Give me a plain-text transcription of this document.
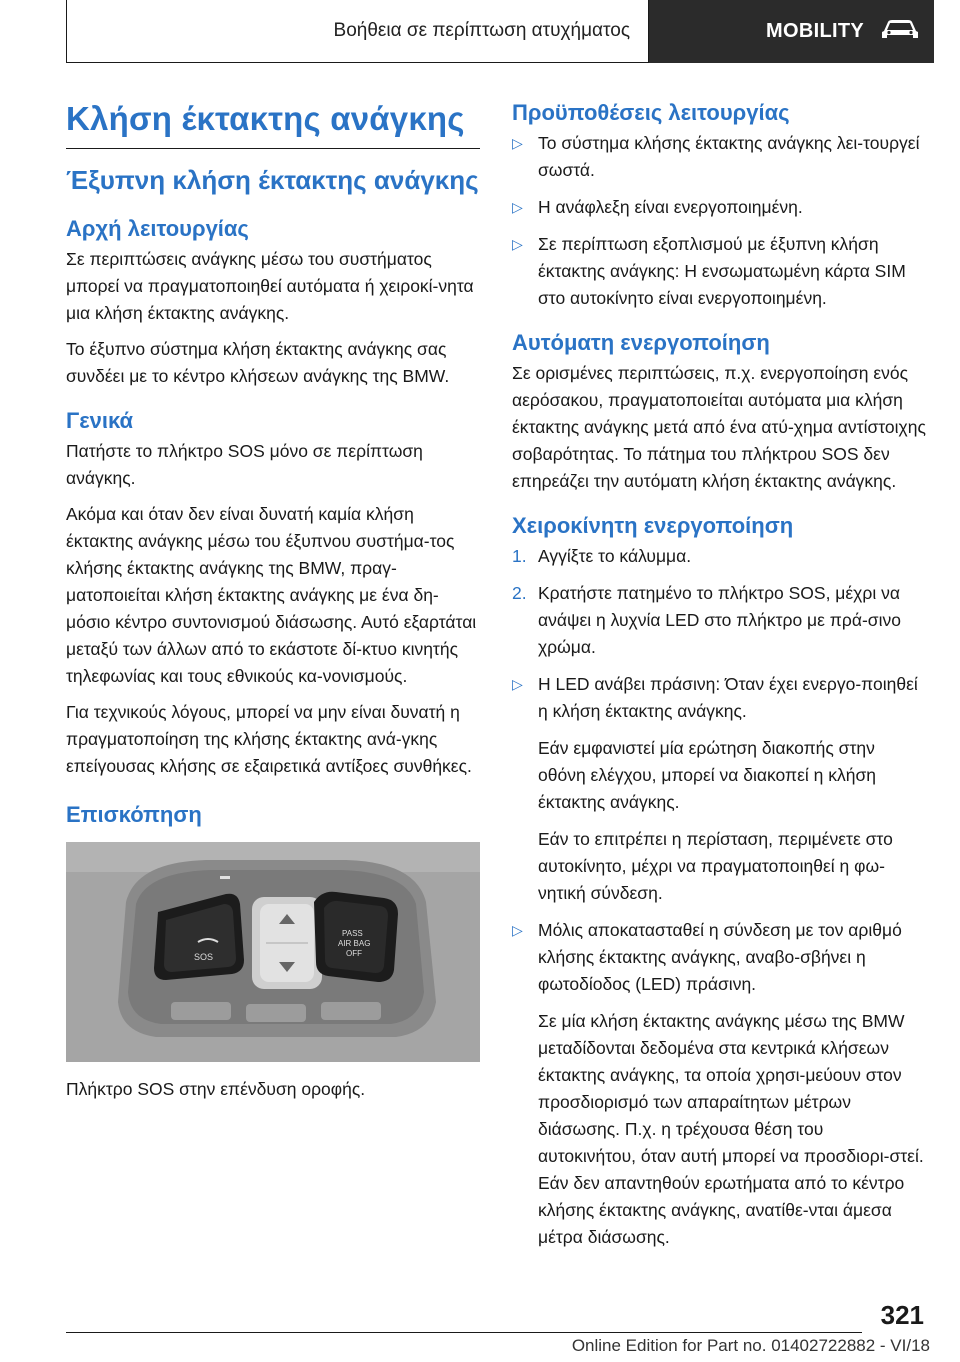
Βοήθεια σε περίπτωση ατυχήματος	MOBILITY
Κλήση έκτακτης ανάγκης
Έξυπνη κλήση έκτακτης ανάγκης
Αρχή λειτουργίας

Σε περιπτώσεις ανάγκης μέσω του συστήματος μπορεί να πραγματοποιηθεί αυτόματα ή χειροκί-νητα μια κλήση έκτακτης ανάγκης.

Το έξυπνο σύστημα κλήση έκτακτης ανάγκης σας συνδέει με το κέντρο κλήσεων ανάγκης της BMW.

Γενικά

Πατήστε το πλήκτρο SOS μόνο σε περίπτωση ανάγκης.

Ακόμα και όταν δεν είναι δυνατή καμία κλήση έκτακτης ανάγκης μέσω του έξυπνου συστήμα-τος κλήσης έκτακτης ανάγκης της BMW, πραγ-ματοποιείται κλήση έκτακτης ανάγκης με ένα δη-μόσιο κέντρο συντονισμού διάσωσης. Αυτό εξαρτάται μεταξύ των άλλων από το εκάστοτε δί-κτυο κινητής τηλεφωνίας και τους εθνικούς κα-νονισμούς.

Για τεχνικούς λόγους, μπορεί να μην είναι δυνατή η πραγματοποίηση της κλήσης έκτακτης ανά-γκης επείγουσας κλήσης σε εξαιρετικά αντίξοες συνθήκες.

Επισκόπηση
SOS
PASS
AIR BAG
OFF
Πλήκτρο SOS στην επένδυση οροφής.
Προϋποθέσεις λειτουργίας
▷ Το σύστημα κλήσης έκτακτης ανάγκης λει-τουργεί σωστά.
▷ Η ανάφλεξη είναι ενεργοποιημένη.
▷ Σε περίπτωση εξοπλισμού με έξυπνη κλήση έκτακτης ανάγκης: Η ενσωματωμένη κάρτα SIM στο αυτοκίνητο είναι ενεργοποιημένη.
Αυτόματη ενεργοποίηση

Σε ορισμένες περιπτώσεις, π.χ. ενεργοποίηση ενός αερόσακου, πραγματοποιείται αυτόματα μια κλήση έκτακτης ανάγκης μετά από ένα ατύ-χημα αντίστοιχης σοβαρότητας. Το πάτημα του πλήκτρου SOS δεν επηρεάζει την αυτόματη κλήση έκτακτης ανάγκης.

Χειροκίνητη ενεργοποίηση
1. Αγγίξτε το κάλυμμα.
2. Κρατήστε πατημένο το πλήκτρο SOS, μέχρι να ανάψει η λυχνία LED στο πλήκτρο με πρά-σινο χρώμα.
▷ Η LED ανάβει πράσινη: Όταν έχει ενεργο-ποιηθεί η κλήση έκτακτης ανάγκης.
Εάν εμφανιστεί μία ερώτηση διακοπής στην οθόνη ελέγχου, μπορεί να διακοπεί η κλήση έκτακτης ανάγκης.
Εάν το επιτρέπει η περίσταση, περιμένετε στο αυτοκίνητο, μέχρι να πραγματοποιηθεί η φω-νητική σύνδεση.
▷ Μόλις αποκατασταθεί η σύνδεση με τον αριθμό κλήσης έκτακτης ανάγκης, αναβο-σβήνει η φωτοδίοδος (LED) πράσινη.
Σε μία κλήση έκτακτης ανάγκης μέσω της BMW μεταδίδονται δεδομένα στα κεντρικά κλήσεων έκτακτης ανάγκης, τα οποία χρησι-μεύουν στον προσδιορισμό των απαραίτητων μέτρων διάσωσης. Π.χ. η τρέχουσα θέση του αυτοκινήτου, όταν αυτή μπορεί να προσδιορι-στεί. Εάν δεν απαντηθούν ερωτήματα από το κέντρο κλήσης έκτακτης ανάγκης, ανατίθε-νται άμεσα μέτρα διάσωσης.
321
Online Edition for Part no. 01402722882 - VI/18
